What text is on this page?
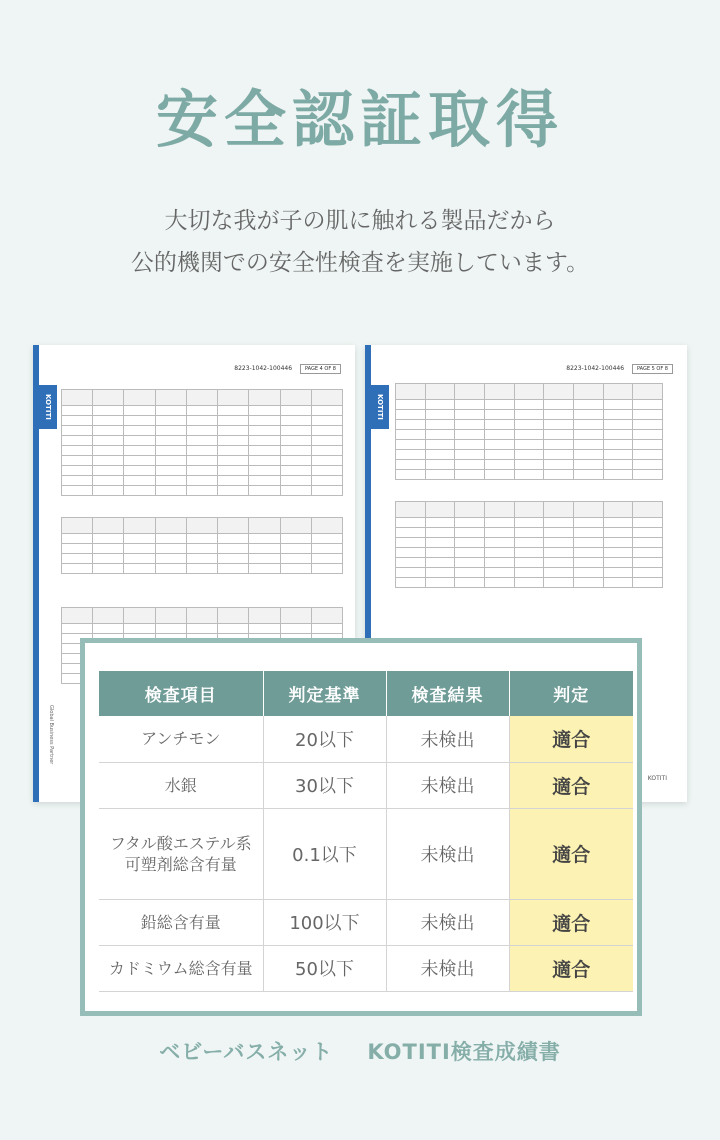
安全認証取得
大切な我が子の肌に触れる製品だから
公的機関での安全性検査を実施しています。
KOTITI
8223-1042-100446	PAGE 4 OF 8

Global Business Partner
KOTITI
8223-1042-100446	PAGE 5 OF 8

KOTITI
検査項目	判定基準	検査結果	判定
アンチモン	20以下	未検出	適合
水銀	30以下	未検出	適合

フタル酸エステル系
可塑剤総含有量	0.1以下	未検出	適合
鉛総含有量	100以下	未検出	適合
カドミウム総含有量	50以下	未検出	適合
ベビーバスネット KOTITI検査成績書
